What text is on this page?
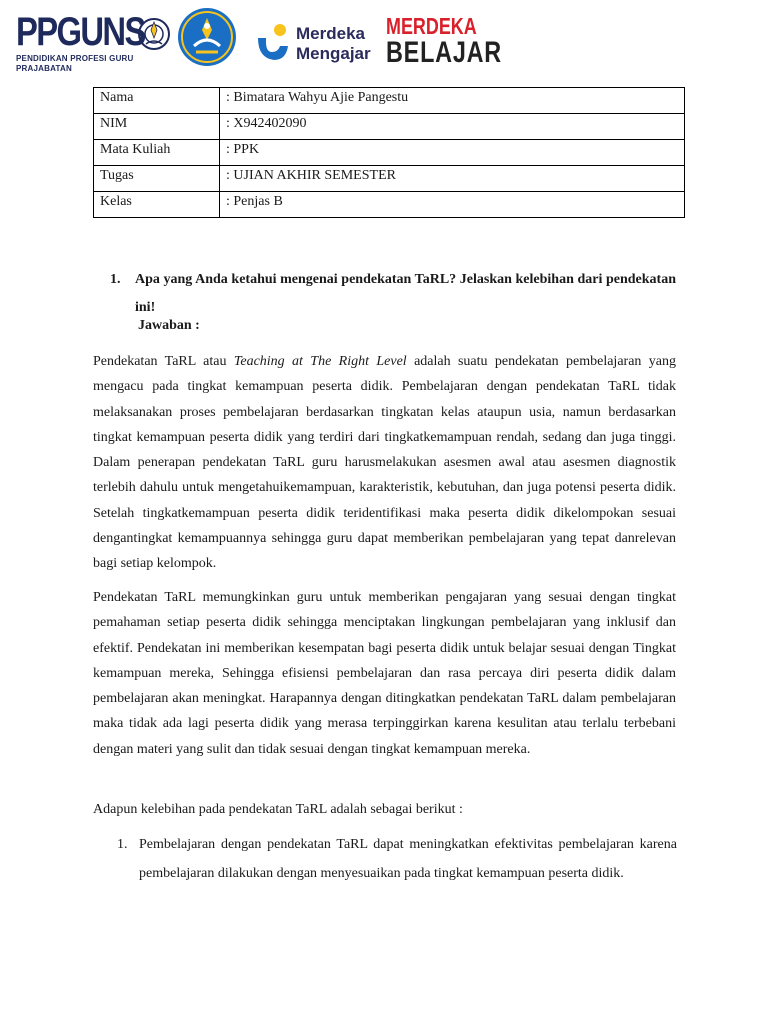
PPGUNS
PENDIDIKAN PROFESI GURU
PRAJABATAN
Merdeka
Mengajar
MERDEKA
BELAJAR
Nama	: Bimatara Wahyu Ajie Pangestu
NIM	: X942402090
Mata Kuliah	: PPK
Tugas	: UJIAN AKHIR SEMESTER
Kelas	: Penjas B
1. Apa yang Anda ketahui mengenai pendekatan TaRL? Jelaskan kelebihan dari pendekatan ini!
Jawaban :

Pendekatan TaRL atau Teaching at The Right Level adalah suatu pendekatan pembelajaran yang mengacu pada tingkat kemampuan peserta didik. Pembelajaran dengan pendekatan TaRL tidak melaksanakan proses pembelajaran berdasarkan tingkatan kelas ataupun usia, namun berdasarkan tingkat kemampuan peserta didik yang terdiri dari tingkatkemampuan rendah, sedang dan juga tinggi. Dalam penerapan pendekatan TaRL guru harusmelakukan asesmen awal atau asesmen diagnostik terlebih dahulu untuk mengetahuikemampuan, karakteristik, kebutuhan, dan juga potensi peserta didik. Setelah tingkatkemampuan peserta didik teridentifikasi maka peserta didik dikelompokan sesuai dengantingkat kemampuannya sehingga guru dapat memberikan pembelajaran yang tepat danrelevan bagi setiap kelompok.

Pendekatan TaRL memungkinkan guru untuk memberikan pengajaran yang sesuai dengan tingkat pemahaman setiap peserta didik sehingga menciptakan lingkungan pembelajaran yang inklusif dan efektif. Pendekatan ini memberikan kesempatan bagi peserta didik untuk belajar sesuai dengan Tingkat kemampuan mereka, Sehingga efisiensi pembelajaran dan rasa percaya diri peserta didik dalam pembelajaran akan meningkat. Harapannya dengan ditingkatkan pendekatan TaRL dalam pembelajaran maka tidak ada lagi peserta didik yang merasa terpinggirkan karena kesulitan atau terlalu terbebani dengan materi yang sulit dan tidak sesuai dengan tingkat kemampuan mereka.

Adapun kelebihan pada pendekatan TaRL adalah sebagai berikut :

1. Pembelajaran dengan pendekatan TaRL dapat meningkatkan efektivitas pembelajaran karena pembelajaran dilakukan dengan menyesuaikan pada tingkat kemampuan peserta didik.
